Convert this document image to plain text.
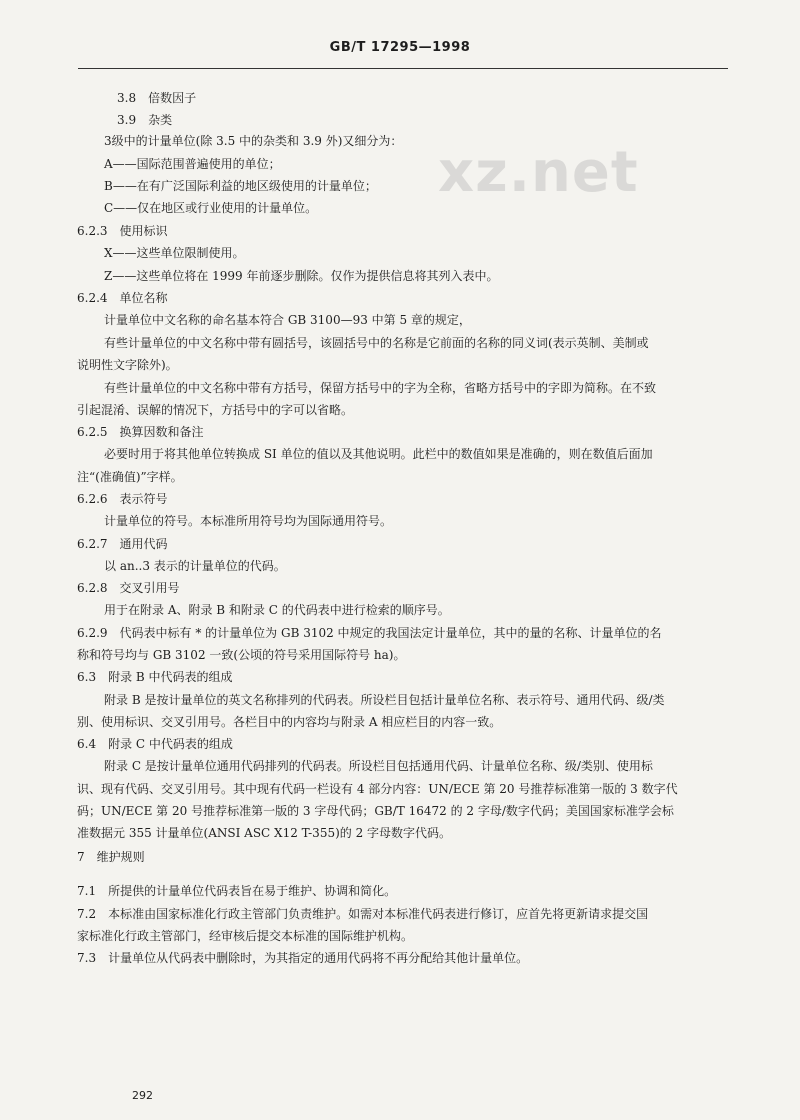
GB/T 17295—1998
xz.net
3.8　倍数因子
3.9　杂类
3级中的计量单位(除 3.5 中的杂类和 3.9 外)又细分为：
A——国际范围普遍使用的单位；
B——在有广泛国际利益的地区级使用的计量单位；
C——仅在地区或行业使用的计量单位。
6.2.3　使用标识
X——这些单位限制使用。
Z——这些单位将在 1999 年前逐步删除。仅作为提供信息将其列入表中。
6.2.4　单位名称
计量单位中文名称的命名基本符合 GB 3100—93 中第 5 章的规定，
有些计量单位的中文名称中带有圆括号，该圆括号中的名称是它前面的名称的同义词(表示英制、美制或
说明性文字除外)。
有些计量单位的中文名称中带有方括号，保留方括号中的字为全称，省略方括号中的字即为简称。在不致
引起混淆、误解的情况下，方括号中的字可以省略。
6.2.5　换算因数和备注
必要时用于将其他单位转换成 SI 单位的值以及其他说明。此栏中的数值如果是准确的，则在数值后面加
注“(准确值)”字样。
6.2.6　表示符号
计量单位的符号。本标准所用符号均为国际通用符号。
6.2.7　通用代码
以 an..3 表示的计量单位的代码。
6.2.8　交叉引用号
用于在附录 A、附录 B 和附录 C 的代码表中进行检索的顺序号。
6.2.9　代码表中标有 * 的计量单位为 GB 3102 中规定的我国法定计量单位，其中的量的名称、计量单位的名
称和符号均与 GB 3102 一致(公顷的符号采用国际符号 ha)。
6.3　附录 B 中代码表的组成
附录 B 是按计量单位的英文名称排列的代码表。所设栏目包括计量单位名称、表示符号、通用代码、级/类
别、使用标识、交叉引用号。各栏目中的内容均与附录 A 相应栏目的内容一致。
6.4　附录 C 中代码表的组成
附录 C 是按计量单位通用代码排列的代码表。所设栏目包括通用代码、计量单位名称、级/类别、使用标
识、现有代码、交叉引用号。其中现有代码一栏设有 4 部分内容：UN/ECE 第 20 号推荐标准第一版的 3 数字代
码；UN/ECE 第 20 号推荐标准第一版的 3 字母代码；GB/T 16472 的 2 字母/数字代码；美国国家标准学会标
准数据元 355 计量单位(ANSI ASC X12 T-355)的 2 字母数字代码。
7　维护规则
7.1　所提供的计量单位代码表旨在易于维护、协调和简化。
7.2　本标准由国家标准化行政主管部门负责维护。如需对本标准代码表进行修订，应首先将更新请求提交国
家标准化行政主管部门，经审核后提交本标准的国际维护机构。
7.3　计量单位从代码表中删除时，为其指定的通用代码将不再分配给其他计量单位。
292
